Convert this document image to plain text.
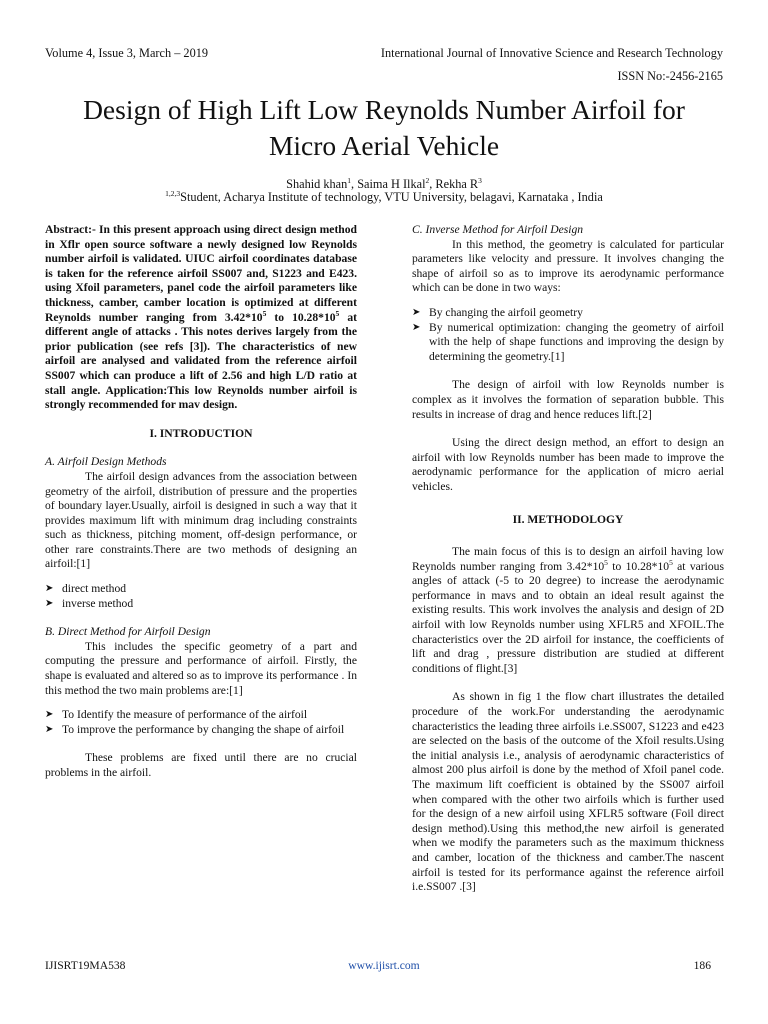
Volume 4, Issue 3, March – 2019	International Journal of Innovative Science and Research Technology
ISSN No:-2456-2165
Design of High Lift Low Reynolds Number Airfoil for
Micro Aerial Vehicle
Shahid khan$^1$, Saima H Ilkal$^2$, Rekha $R^3$
$^{1,2,3}$Student, Acharya Institute of technology, VTU University, belagavi, Karnataka , India

Abstract:- In this present approach using direct design method in Xflr open source software a newly designed low Reynolds number airfoil is validated. UIUC airfoil coordinates database is taken for the reference airfoil SS007 and, S1223 and E423. using Xfoil parameters, panel code the airfoil parameters like thickness, camber, camber location is optimized at different Reynolds number ranging from $3.42*10^5$ to $10.28*10^5$ at different angle of attacks . This notes derives largely from the prior publication (see refs [3]). The characteristics of new airfoil are analysed and validated from the reference airfoil SS007 which can produce a lift of 2.56 and high L/D ratio at stall angle. Application:This low Reynolds number airfoil is strongly recommended for mav design.

I. INTRODUCTION

A. Airfoil Design Methods

The airfoil design advances from the association between geometry of the airfoil, distribution of pressure and the properties of boundary layer.Usually, airfoil is designed in such a way that it provides maximum lift with minimum drag including constraints such as thickness, pitching moment, off-design performance, or other rare constraints.There are two methods of designing an airfoil:[1]

➤ direct method
➤ inverse method

B. Direct Method for Airfoil Design

This includes the specific geometry of a part and computing the pressure and performance of airfoil. Firstly, the shape is evaluated and altered so as to improve its performance . In this method the two main problems are:[1]

➤ To Identify the measure of performance of the airfoil
➤ To improve the performance by changing the shape of airfoil

These problems are fixed until there are no crucial problems in the airfoil.

C. Inverse Method for Airfoil Design

In this method, the geometry is calculated for particular parameters like velocity and pressure. It involves changing the shape of airfoil so as to improve its aerodynamic performance which can be done in two ways:

➤ By changing the airfoil geometry
➤ By numerical optimization: changing the geometry of airfoil with the help of shape functions and improving the design by determining the geometry.[1]

The design of airfoil with low Reynolds number is complex as it involves the formation of separation bubble. This results in increase of drag and hence reduces lift.[2]

Using the direct design method, an effort to design an airfoil with low Reynolds number has been made to improve the aerodynamic performance for the application of micro aerial vehicles.

II. METHODOLOGY

The main focus of this is to design an airfoil having low Reynolds number ranging from $3.42*10^5$ to $10.28*10^5$ at various angles of attack (-5 to 20 degree) to increase the aerodynamic performance in mavs and to obtain an ideal result against the existing results. This work involves the analysis and design of 2D airfoil with low Reynolds number using XFLR5 and XFOIL.The characteristics over the 2D airfoil for instance, the coefficients of lift and drag , pressure distribution are studied at different conditions of flight.[3]

As shown in fig 1 the flow chart illustrates the detailed procedure of the work.For understanding the aerodynamic characteristics the leading three airfoils i.e.SS007, S1223 and e423 are selected on the basis of the outcome of the Xfoil results.Using the initial analysis i.e., analysis of aerodynamic characteristics of almost 200 plus airfoil is done by the method of Xfoil panel code. The maximum lift coefficient is obtained by the SS007 airfoil when compared with the other two airfoils which is further used for the design of a new airfoil using XFLR5 software (Foil direct design method).Using this method,the new airfoil is generated when we modify the parameters such as the maximum thickness and camber, location of the thickness and camber.The nascent airfoil is tested for its performance against the reference airfoil i.e.SS007 .[3]

IJISRT19MA538	www.ijisrt.com	186
